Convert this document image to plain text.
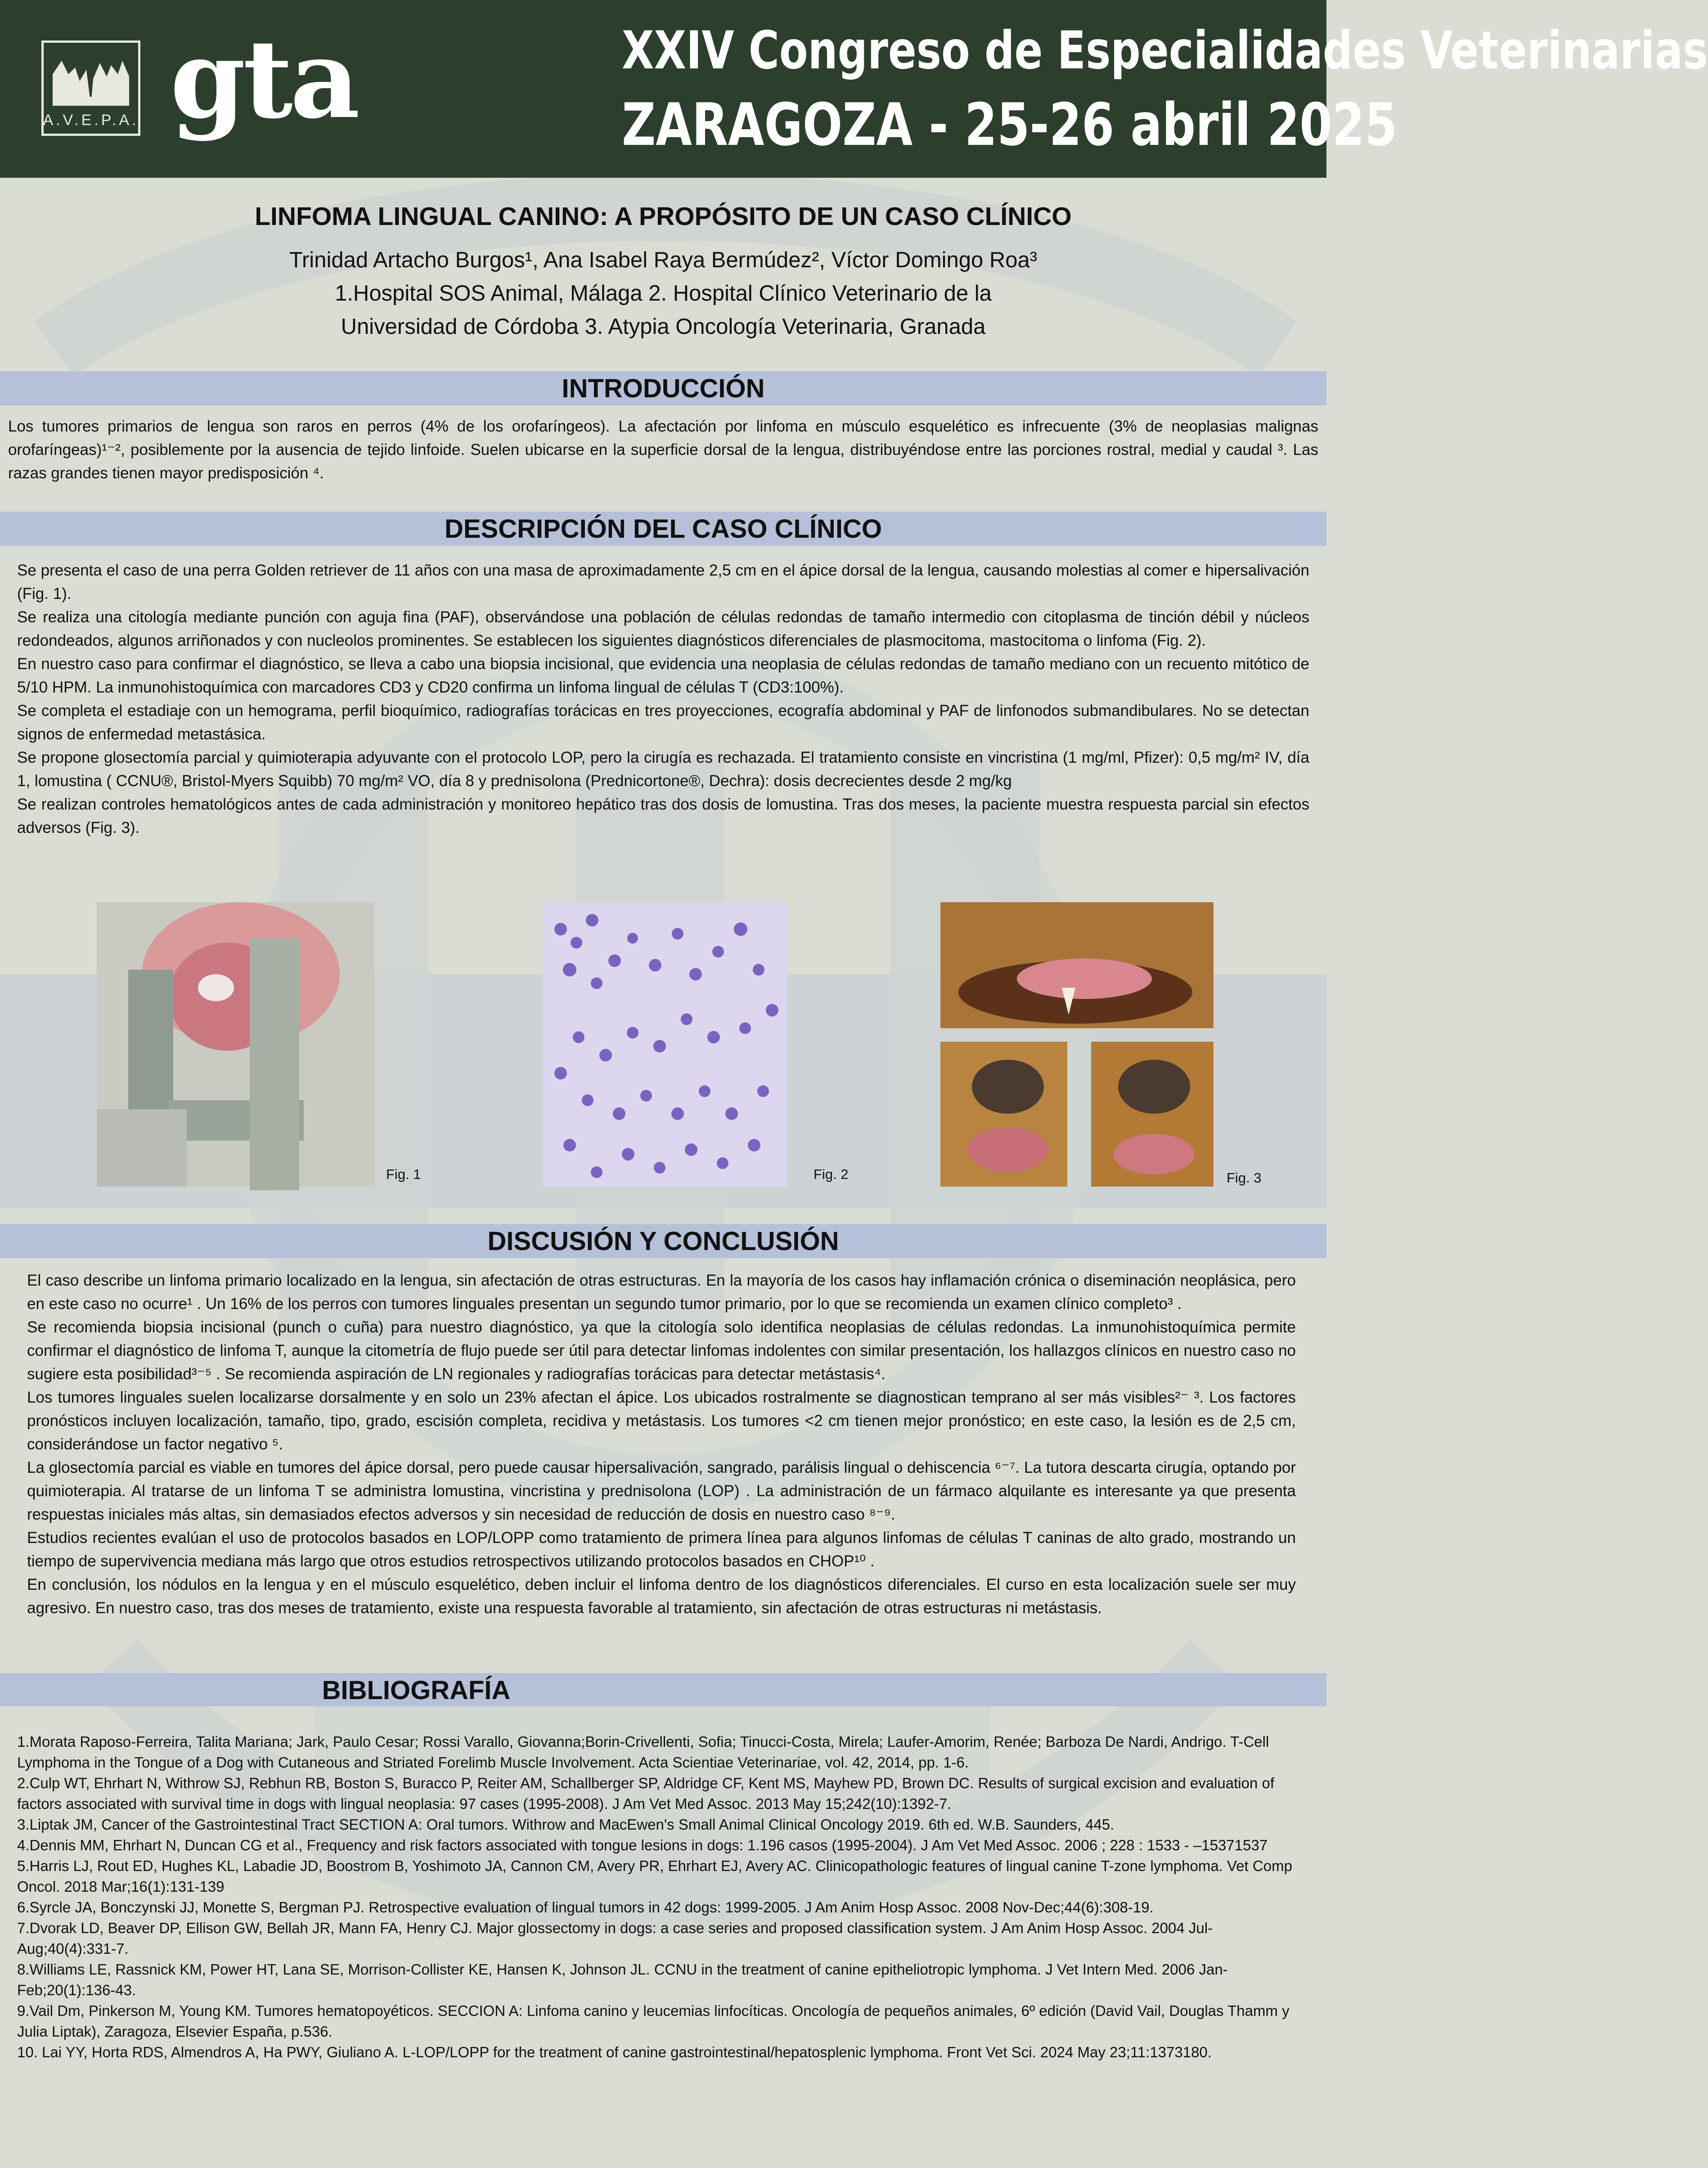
A.V.E.P.A. gta	XXIV Congreso de Especialidades Veterinarias
ZARAGOZA - 25-26 abril 2025
LINFOMA LINGUAL CANINO: A PROPÓSITO DE UN CASO CLÍNICO
Trinidad Artacho Burgos¹, Ana Isabel Raya Bermúdez², Víctor Domingo Roa³
1.Hospital SOS Animal, Málaga 2. Hospital Clínico Veterinario de la
Universidad de Córdoba 3. Atypia Oncología Veterinaria, Granada
INTRODUCCIÓN

Los tumores primarios de lengua son raros en perros (4% de los orofaríngeos). La afectación por linfoma en músculo esquelético es infrecuente (3% de neoplasias malignas orofaríngeas)¹⁻², posiblemente por la ausencia de tejido linfoide. Suelen ubicarse en la superficie dorsal de la lengua, distribuyéndose entre las porciones rostral, medial y caudal ³. Las razas grandes tienen mayor predisposición ⁴.

DESCRIPCIÓN DEL CASO CLÍNICO

Se presenta el caso de una perra Golden retriever de 11 años con una masa de aproximadamente 2,5 cm en el ápice dorsal de la lengua, causando molestias al comer e hipersalivación (Fig. 1).

Se realiza una citología mediante punción con aguja fina (PAF), observándose una población de células redondas de tamaño intermedio con citoplasma de tinción débil y núcleos redondeados, algunos arriñonados y con nucleolos prominentes. Se establecen los siguientes diagnósticos diferenciales de plasmocitoma, mastocitoma o linfoma (Fig. 2).

En nuestro caso para confirmar el diagnóstico, se lleva a cabo una biopsia incisional, que evidencia una neoplasia de células redondas de tamaño mediano con un recuento mitótico de 5/10 HPM. La inmunohistoquímica con marcadores CD3 y CD20 confirma un linfoma lingual de células T (CD3:100%).

Se completa el estadiaje con un hemograma, perfil bioquímico, radiografías torácicas en tres proyecciones, ecografía abdominal y PAF de linfonodos submandibulares. No se detectan signos de enfermedad metastásica.

Se propone glosectomía parcial y quimioterapia adyuvante con el protocolo LOP, pero la cirugía es rechazada. El tratamiento consiste en vincristina (1 mg/ml, Pfizer): 0,5 mg/m² IV, día 1, lomustina ( CCNU®, Bristol-Myers Squibb) 70 mg/m² VO, día 8 y prednisolona (Prednicortone®, Dechra): dosis decrecientes desde 2 mg/kg

Se realizan controles hematológicos antes de cada administración y monitoreo hepático tras dos dosis de lomustina. Tras dos meses, la paciente muestra respuesta parcial sin efectos adversos (Fig. 3).

Fig. 1	Fig. 2	Fig. 3
DISCUSIÓN Y CONCLUSIÓN

El caso describe un linfoma primario localizado en la lengua, sin afectación de otras estructuras. En la mayoría de los casos hay inflamación crónica o diseminación neoplásica, pero en este caso no ocurre¹ . Un 16% de los perros con tumores linguales presentan un segundo tumor primario, por lo que se recomienda un examen clínico completo³ .

Se recomienda biopsia incisional (punch o cuña) para nuestro diagnóstico, ya que la citología solo identifica neoplasias de células redondas. La inmunohistoquímica permite confirmar el diagnóstico de linfoma T, aunque la citometría de flujo puede ser útil para detectar linfomas indolentes con similar presentación, los hallazgos clínicos en nuestro caso no sugiere esta posibilidad³⁻⁵ . Se recomienda aspiración de LN regionales y radiografías torácicas para detectar metástasis⁴.

Los tumores linguales suelen localizarse dorsalmente y en solo un 23% afectan el ápice. Los ubicados rostralmente se diagnostican temprano al ser más visibles²⁻ ³. Los factores pronósticos incluyen localización, tamaño, tipo, grado, escisión completa, recidiva y metástasis. Los tumores <2 cm tienen mejor pronóstico; en este caso, la lesión es de 2,5 cm, considerándose un factor negativo ⁵.

La glosectomía parcial es viable en tumores del ápice dorsal, pero puede causar hipersalivación, sangrado, parálisis lingual o dehiscencia ⁶⁻⁷. La tutora descarta cirugía, optando por quimioterapia. Al tratarse de un linfoma T se administra lomustina, vincristina y prednisolona (LOP) . La administración de un fármaco alquilante es interesante ya que presenta respuestas iniciales más altas, sin demasiados efectos adversos y sin necesidad de reducción de dosis en nuestro caso ⁸⁻⁹.

Estudios recientes evalúan el uso de protocolos basados en LOP/LOPP como tratamiento de primera línea para algunos linfomas de células T caninas de alto grado, mostrando un tiempo de supervivencia mediana más largo que otros estudios retrospectivos utilizando protocolos basados en CHOP¹⁰ .

En conclusión, los nódulos en la lengua y en el músculo esquelético, deben incluir el linfoma dentro de los diagnósticos diferenciales. El curso en esta localización suele ser muy agresivo. En nuestro caso, tras dos meses de tratamiento, existe una respuesta favorable al tratamiento, sin afectación de otras estructuras ni metástasis.

BIBLIOGRAFÍA

1.Morata Raposo-Ferreira, Talita Mariana; Jark, Paulo Cesar; Rossi Varallo, Giovanna;Borin-Crivellenti, Sofia; Tinucci-Costa, Mirela; Laufer-Amorim, Renée; Barboza De Nardi, Andrigo. T-Cell Lymphoma in the Tongue of a Dog with Cutaneous and Striated Forelimb Muscle Involvement. Acta Scientiae Veterinariae, vol. 42, 2014, pp. 1-6.

2.Culp WT, Ehrhart N, Withrow SJ, Rebhun RB, Boston S, Buracco P, Reiter AM, Schallberger SP, Aldridge CF, Kent MS, Mayhew PD, Brown DC. Results of surgical excision and evaluation of factors associated with survival time in dogs with lingual neoplasia: 97 cases (1995-2008). J Am Vet Med Assoc. 2013 May 15;242(10):1392-7.

3.Liptak JM, Cancer of the Gastrointestinal Tract SECTION A: Oral tumors. Withrow and MacEwen's Small Animal Clinical Oncology 2019. 6th ed. W.B. Saunders, 445.

4.Dennis MM, Ehrhart N, Duncan CG et al., Frequency and risk factors associated with tongue lesions in dogs: 1.196 casos (1995-2004). J Am Vet Med Assoc. 2006 ; 228 : 1533 - –15371537

5.Harris LJ, Rout ED, Hughes KL, Labadie JD, Boostrom B, Yoshimoto JA, Cannon CM, Avery PR, Ehrhart EJ, Avery AC. Clinicopathologic features of lingual canine T-zone lymphoma. Vet Comp Oncol. 2018 Mar;16(1):131-139

6.Syrcle JA, Bonczynski JJ, Monette S, Bergman PJ. Retrospective evaluation of lingual tumors in 42 dogs: 1999-2005. J Am Anim Hosp Assoc. 2008 Nov-Dec;44(6):308-19.

7.Dvorak LD, Beaver DP, Ellison GW, Bellah JR, Mann FA, Henry CJ. Major glossectomy in dogs: a case series and proposed classification system. J Am Anim Hosp Assoc. 2004 Jul-Aug;40(4):331-7.

8.Williams LE, Rassnick KM, Power HT, Lana SE, Morrison-Collister KE, Hansen K, Johnson JL. CCNU in the treatment of canine epitheliotropic lymphoma. J Vet Intern Med. 2006 Jan-Feb;20(1):136-43.

9.Vail Dm, Pinkerson M, Young KM. Tumores hematopoyéticos. SECCION A: Linfoma canino y leucemias linfocíticas. Oncología de pequeños animales, 6º edición (David Vail, Douglas Thamm y Julia Liptak), Zaragoza, Elsevier España, p.536.

10. Lai YY, Horta RDS, Almendros A, Ha PWY, Giuliano A. L-LOP/LOPP for the treatment of canine gastrointestinal/hepatosplenic lymphoma. Front Vet Sci. 2024 May 23;11:1373180.
